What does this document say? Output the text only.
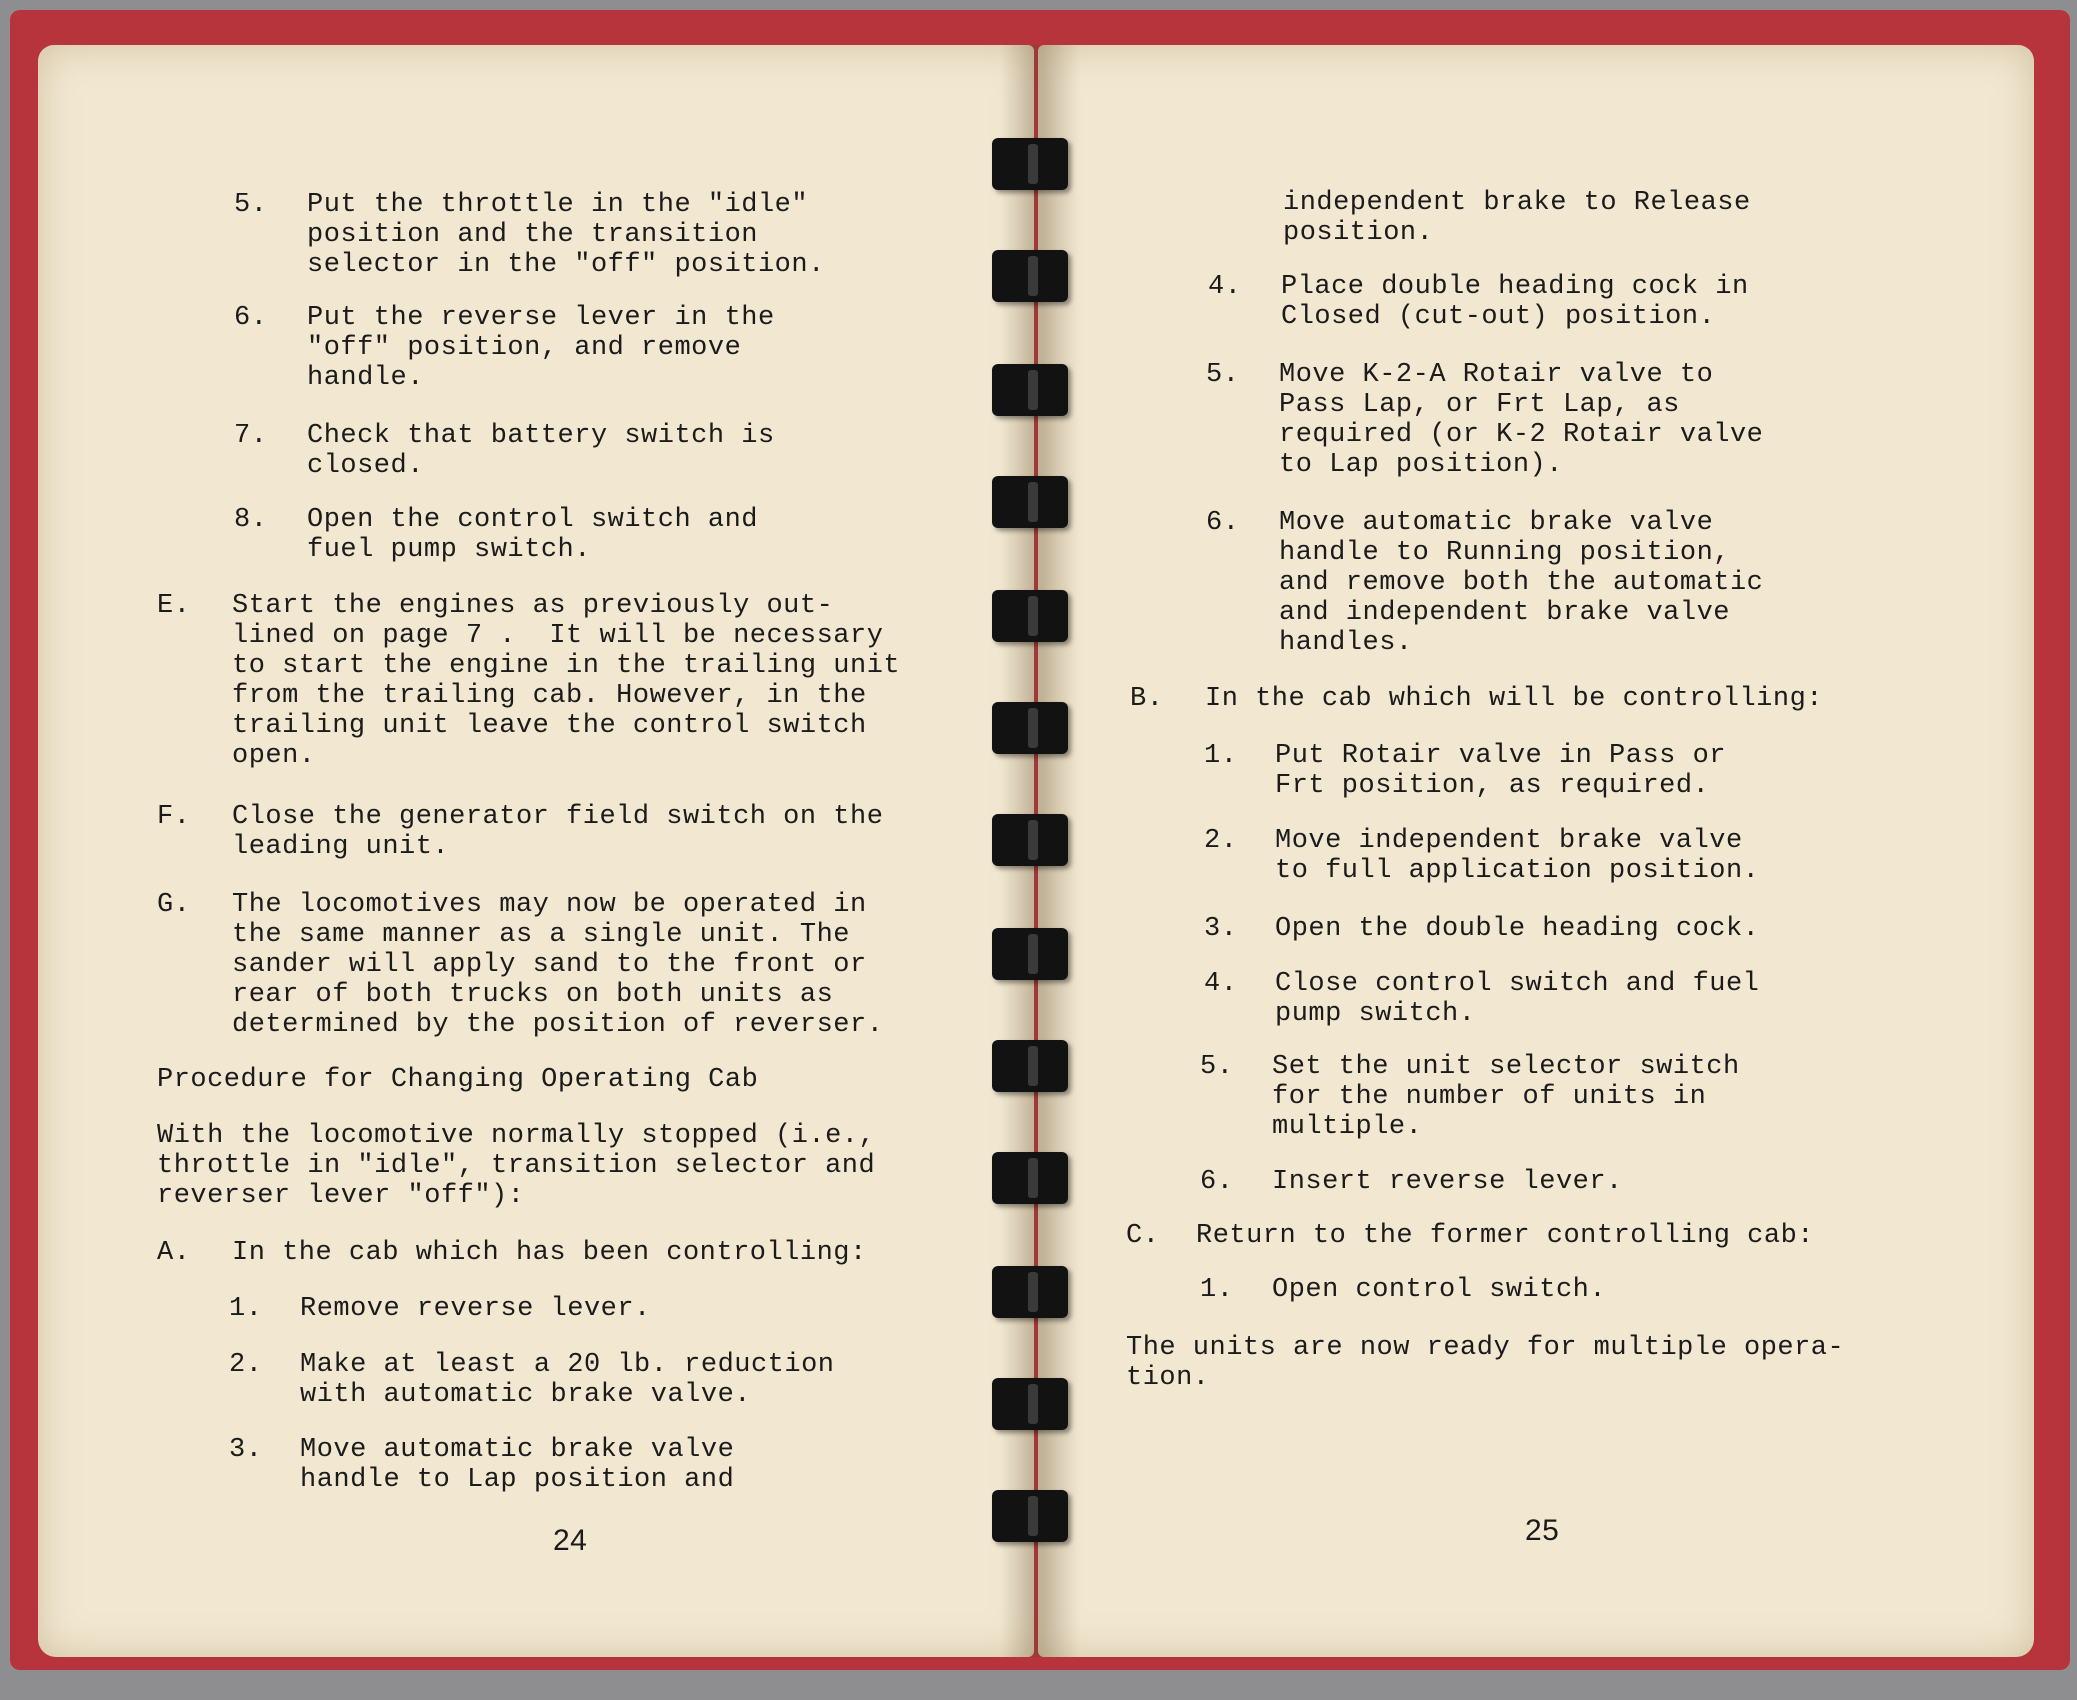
5. Put the throttle in the "idle"
position and the transition
selector in the "off" position.
6. Put the reverse lever in the
"off" position, and remove
handle.
7. Check that battery switch is
closed.
8. Open the control switch and
fuel pump switch.
E. Start the engines as previously out-
lined on page 7 .  It will be necessary
to start the engine in the trailing unit
from the trailing cab. However, in the
trailing unit leave the control switch
open.
F. Close the generator field switch on the
leading unit.
G. The locomotives may now be operated in
the same manner as a single unit. The
sander will apply sand to the front or
rear of both trucks on both units as
determined by the position of reverser.
Procedure for Changing Operating Cab
With the locomotive normally stopped (i.e.,
throttle in "idle", transition selector and
reverser lever "off"):
A. In the cab which has been controlling:
1. Remove reverse lever.
2. Make at least a 20 lb. reduction
with automatic brake valve.
3. Move automatic brake valve
handle to Lap position and
24
independent brake to Release
position.
4. Place double heading cock in
Closed (cut-out) position.
5. Move K-2-A Rotair valve to
Pass Lap, or Frt Lap, as
required (or K-2 Rotair valve
to Lap position).
6. Move automatic brake valve
handle to Running position,
and remove both the automatic
and independent brake valve
handles.
B. In the cab which will be controlling:
1. Put Rotair valve in Pass or
Frt position, as required.
2. Move independent brake valve
to full application position.
3. Open the double heading cock.
4. Close control switch and fuel
pump switch.
5. Set the unit selector switch
for the number of units in
multiple.
6. Insert reverse lever.
C. Return to the former controlling cab:
1. Open control switch.
The units are now ready for multiple opera-
tion.
25
